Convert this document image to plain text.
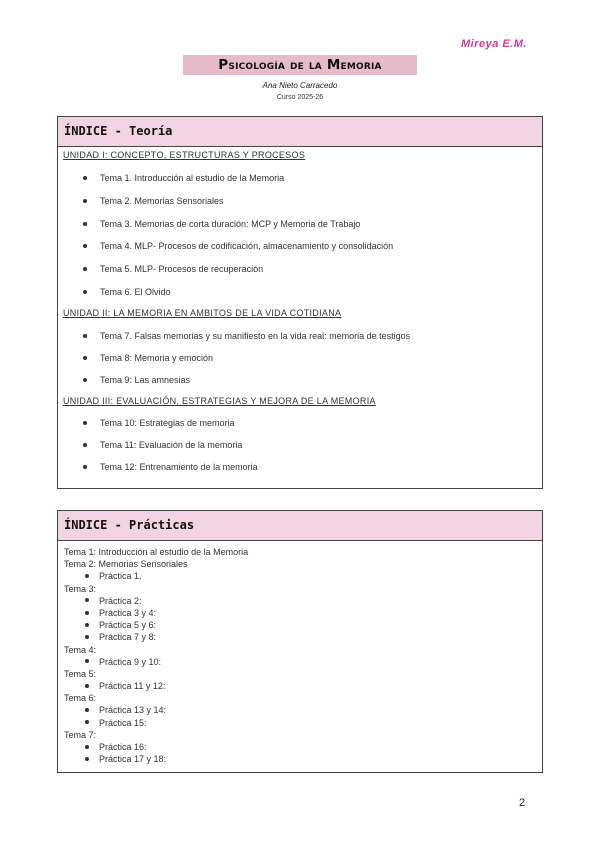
Mireya E.M.
Psicología de la Memoria
Ana Nieto Carracedo
Curso 2025-26
ÍNDICE - Teoría
UNIDAD I: CONCEPTO, ESTRUCTURAS Y PROCESOS
Tema 1. Introducción al estudio de la Memoria
Tema 2. Memorias Sensoriales
Tema 3. Memorias de corta duración: MCP y Memoria de Trabajo
Tema 4. MLP- Procesos de codificación, almacenamiento y consolidación
Tema 5. MLP- Procesos de recuperación
Tema 6. El Olvido
UNIDAD II: LA MEMORIA EN AMBITOS DE LA VIDA COTIDIANA
Tema 7. Falsas memorias y su manifiesto en la vida real: memoria de testigos
Tema 8: Memoria y emoción
Tema 9: Las amnesias
UNIDAD III: EVALUACIÓN, ESTRATEGIAS Y MEJORA DE LA MEMORIA
Tema 10: Estrategias de memoria
Tema 11: Evaluación de la memoria
Tema 12: Entrenamiento de la memoria
ÍNDICE - Prácticas
Tema 1: Introducción al estudio de la Memoria
Tema 2: Memorias Sensoriales
Práctica 1.
Tema 3:
Práctica 2:
Práctica 3 y 4:
Práctica 5 y 6:
Práctica 7 y 8:
Tema 4:
Práctica 9 y 10:
Tema 5:
Práctica 11 y 12:
Tema 6:
Práctica 13 y 14:
Práctica 15:
Tema 7:
Práctica 16:
Práctica 17 y 18:
2
